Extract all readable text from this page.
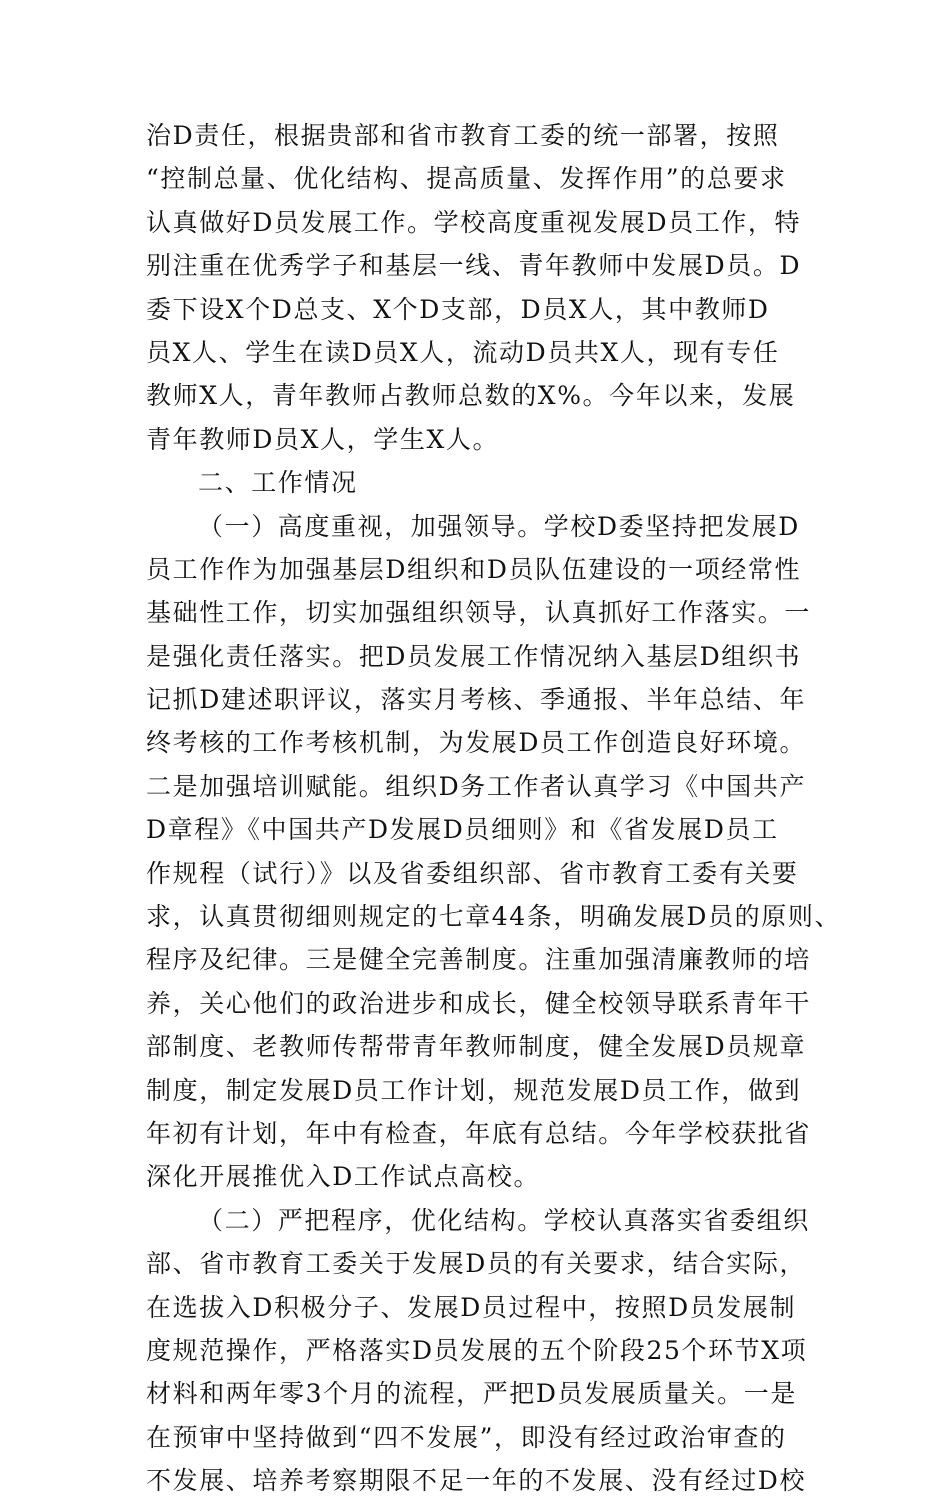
治D责任，根据贵部和省市教育工委的统一部署，按照
“控制总量、优化结构、提高质量、发挥作用”的总要求
认真做好D员发展工作。学校高度重视发展D员工作，特
别注重在优秀学子和基层一线、青年教师中发展D员。D
委下设X个D总支、X个D支部，D员X人，其中教师D
员X人、学生在读D员X人，流动D员共X人，现有专任
教师X人，青年教师占教师总数的X%。今年以来，发展
青年教师D员X人，学生X人。
二、工作情况
（一）高度重视，加强领导。学校D委坚持把发展D
员工作作为加强基层D组织和D员队伍建设的一项经常性
基础性工作，切实加强组织领导，认真抓好工作落实。一
是强化责任落实。把D员发展工作情况纳入基层D组织书
记抓D建述职评议，落实月考核、季通报、半年总结、年
终考核的工作考核机制，为发展D员工作创造良好环境。
二是加强培训赋能。组织D务工作者认真学习《中国共产
D章程》《中国共产D发展D员细则》和《省发展D员工
作规程（试行）》以及省委组织部、省市教育工委有关要
求，认真贯彻细则规定的七章44条，明确发展D员的原则、
程序及纪律。三是健全完善制度。注重加强清廉教师的培
养，关心他们的政治进步和成长，健全校领导联系青年干
部制度、老教师传帮带青年教师制度，健全发展D员规章
制度，制定发展D员工作计划，规范发展D员工作，做到
年初有计划，年中有检查，年底有总结。今年学校获批省
深化开展推优入D工作试点高校。
（二）严把程序，优化结构。学校认真落实省委组织
部、省市教育工委关于发展D员的有关要求，结合实际，
在选拔入D积极分子、发展D员过程中，按照D员发展制
度规范操作，严格落实D员发展的五个阶段25个环节X项
材料和两年零3个月的流程，严把D员发展质量关。一是
在预审中坚持做到“四不发展”，即没有经过政治审查的
不发展、培养考察期限不足一年的不发展、没有经过D校
